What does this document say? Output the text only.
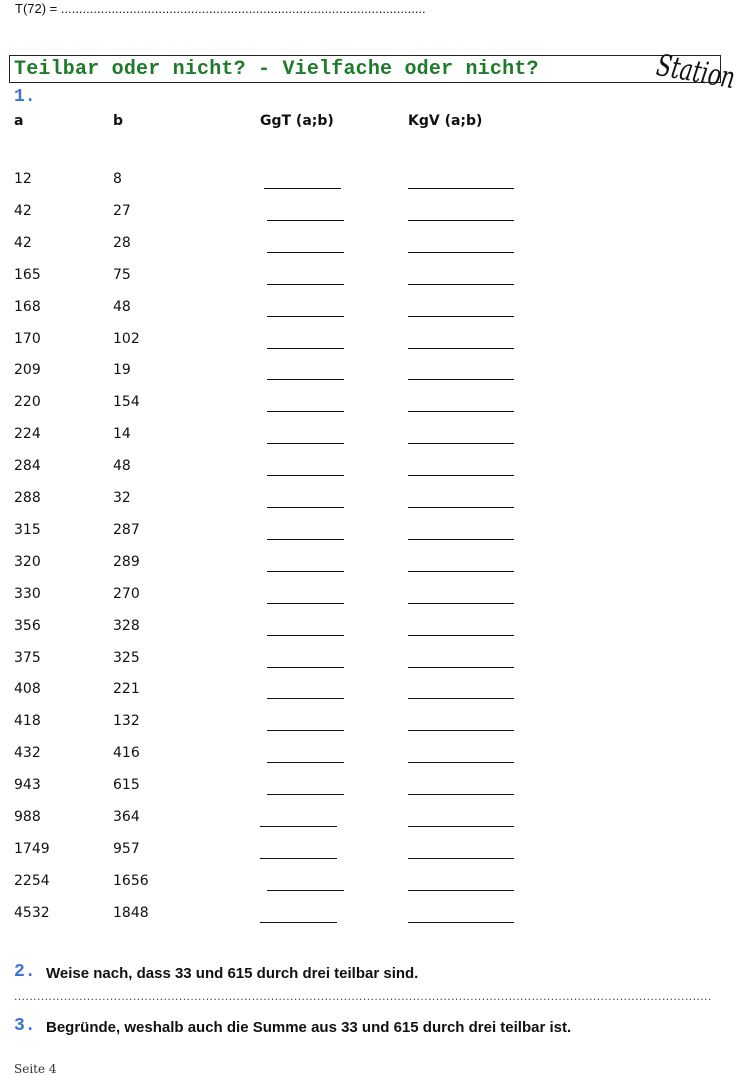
T(72) = .....................................................................................................
Teilbar oder nicht? - Vielfache oder nicht?	Station
1.
a	b	GgT (a;b)	KgV (a;b)
12	8
42	27
42	28
165	75
168	48
170	102
209	19
220	154
224	14
284	48
288	32
315	287
320	289
330	270
356	328
375	325
408	221
418	132
432	416
943	615
988	364
1749	957
2254	1656
4532	1848
2. Weise nach, dass 33 und 615 durch drei teilbar sind.
......................................................................................................................................................................................
3. Begründe, weshalb auch die Summe aus 33 und 615 durch drei teilbar ist.
Seite 4
